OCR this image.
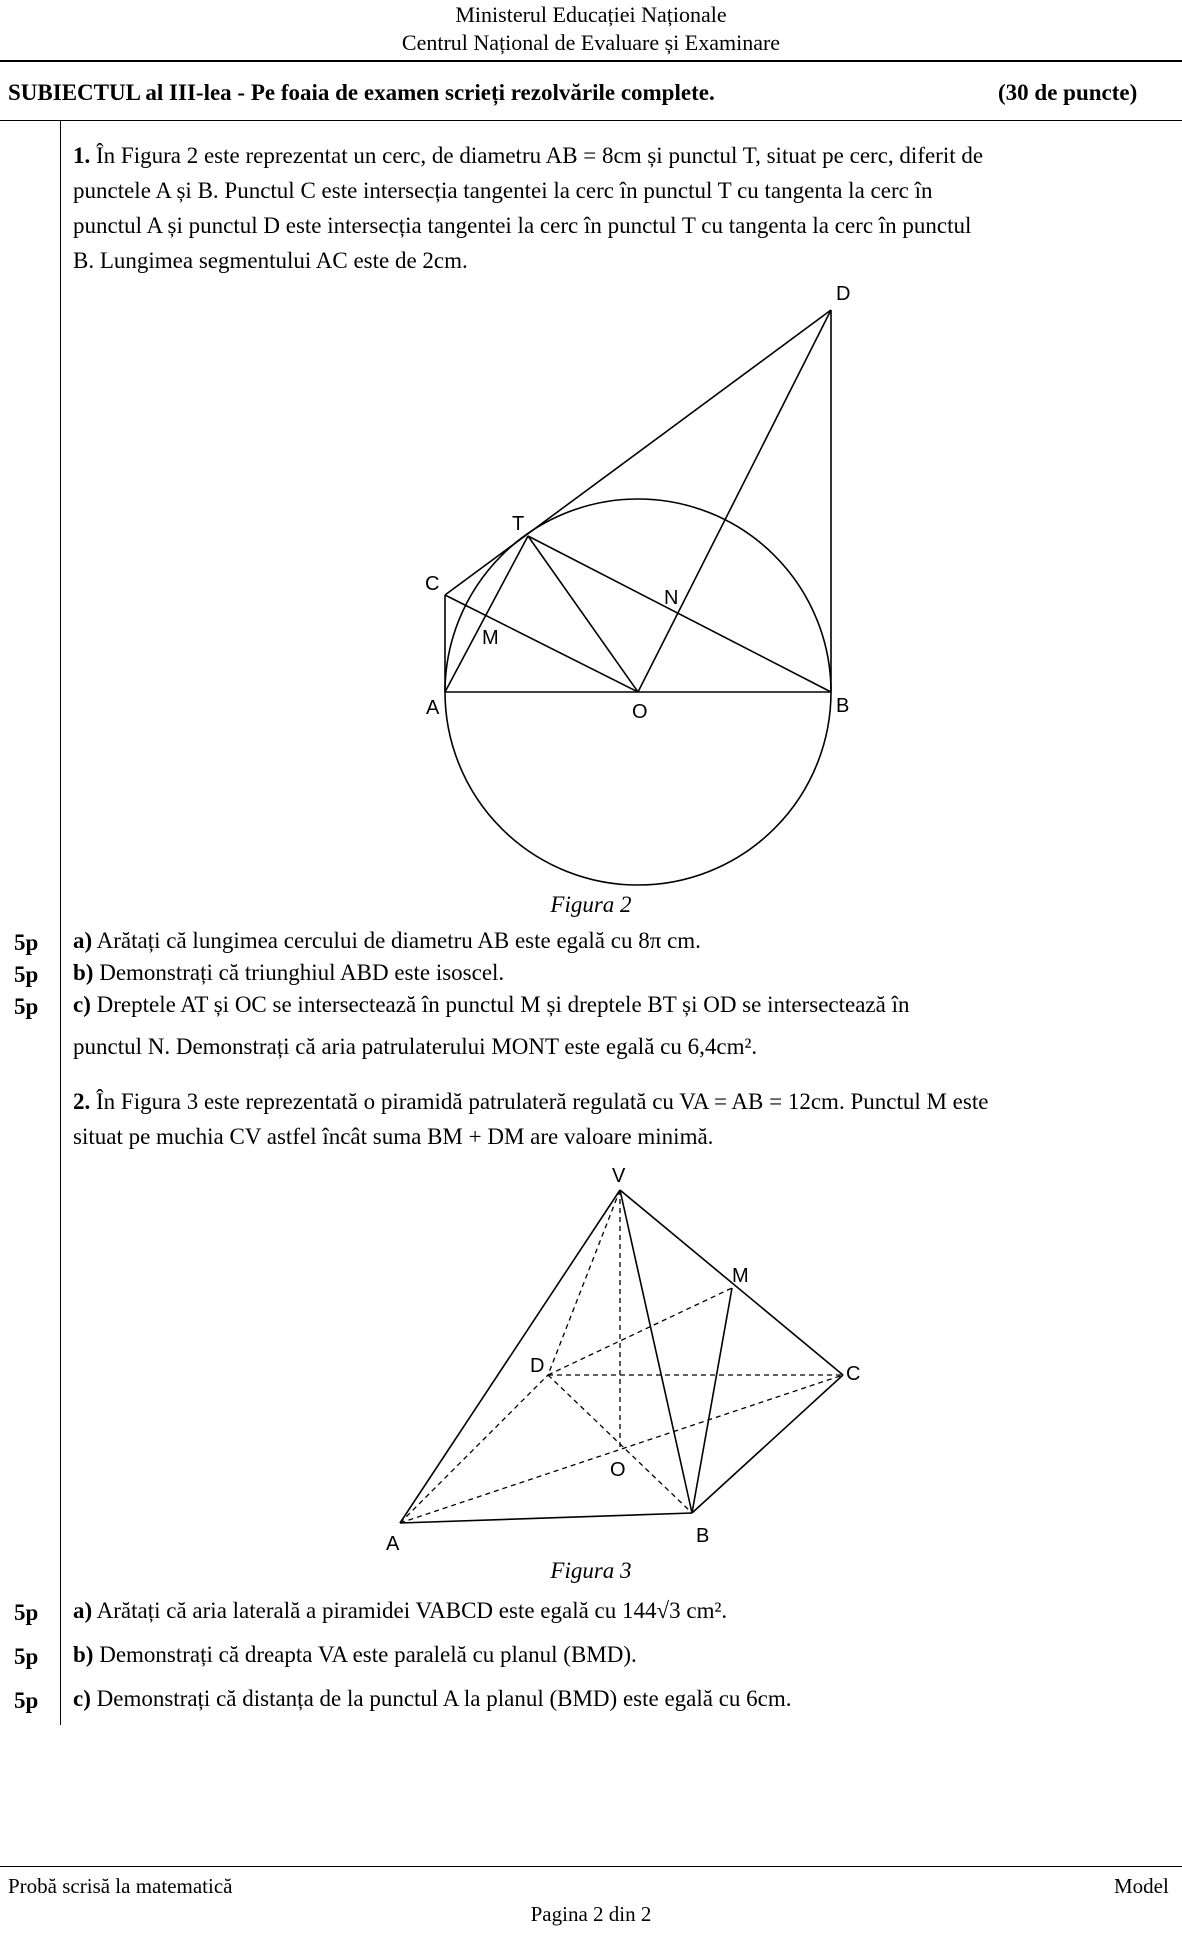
Ministerul Educației Naționale
Centrul Național de Evaluare și Examinare
SUBIECTUL al III-lea - Pe foaia de examen scrieți rezolvările complete.	(30 de puncte)
1. În Figura 2 este reprezentat un cerc, de diametru AB = 8cm și punctul T, situat pe cerc, diferit de
punctele A și B. Punctul C este intersecția tangentei la cerc în punctul T cu tangenta la cerc în
punctul A și punctul D este intersecția tangentei la cerc în punctul T cu tangenta la cerc în punctul
B. Lungimea segmentului AC este de 2cm.
D
T
C
N
M
A	O	B
Figura 2
5p a) Arătați că lungimea cercului de diametru AB este egală cu 8π cm.
5p b) Demonstrați că triunghiul ABD este isoscel.
5p c) Dreptele AT și OC se intersectează în punctul M și dreptele BT și OD se intersectează în
punctul N. Demonstrați că aria patrulaterului MONT este egală cu 6,4cm².
2. În Figura 3 este reprezentată o piramidă patrulateră regulată cu VA = AB = 12cm. Punctul M este
situat pe muchia CV astfel încât suma BM + DM are valoare minimă.
V
M
D	C
O
A	B
Figura 3
5p a) Arătați că aria laterală a piramidei VABCD este egală cu 144√3 cm².
5p b) Demonstrați că dreapta VA este paralelă cu planul (BMD).
5p c) Demonstrați că distanța de la punctul A la planul (BMD) este egală cu 6cm.
Probă scrisă la matematică	Model
Pagina 2 din 2
